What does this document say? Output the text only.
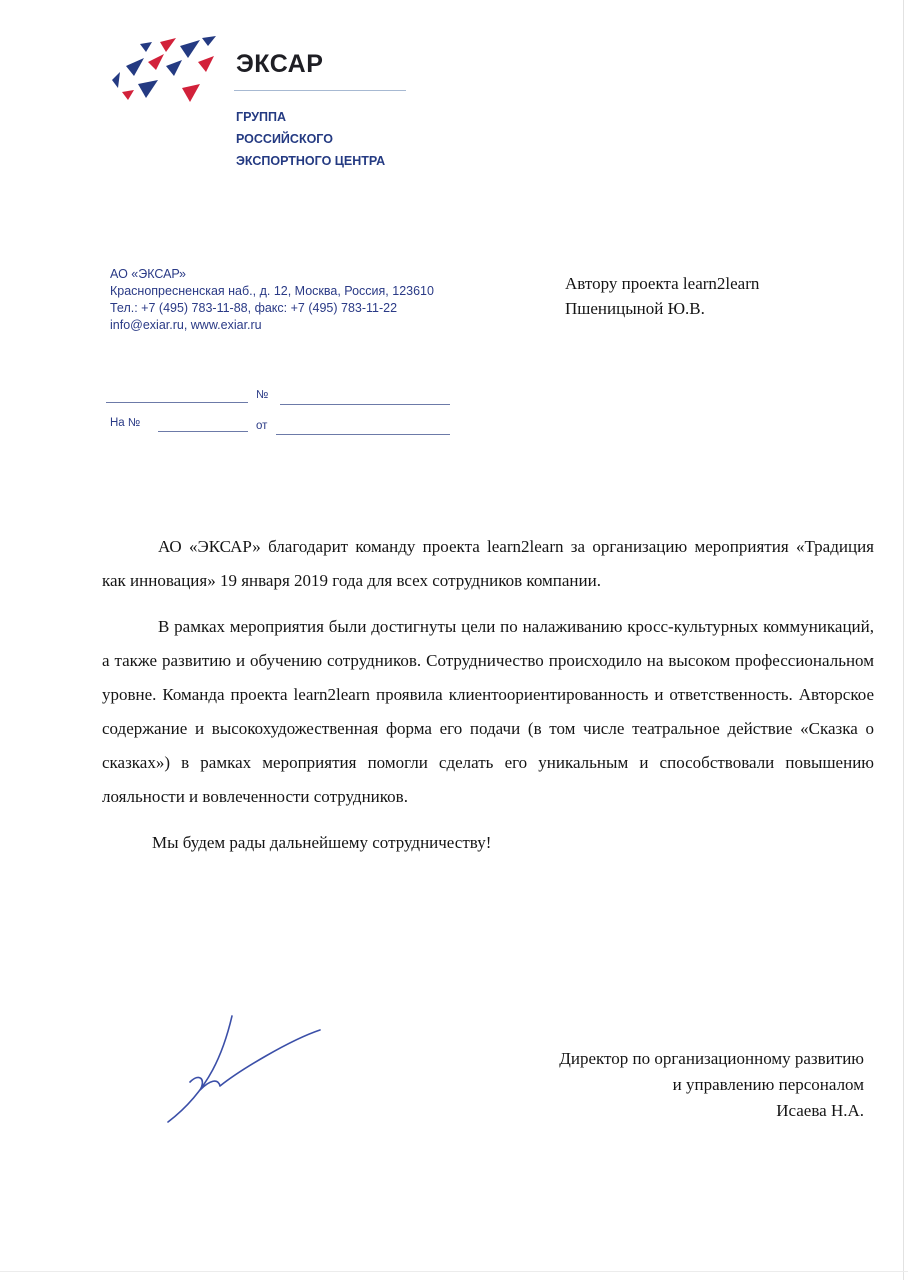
ЭКСАР
ГРУППА
РОССИЙСКОГО
ЭКСПОРТНОГО ЦЕНТРА
АО «ЭКСАР»
Краснопресненская наб., д. 12, Москва, Россия, 123610
Тел.: +7 (495) 783-11-88, факс: +7 (495) 783-11-22
info@exiar.ru, www.exiar.ru
Автору проекта learn2learn
Пшеницыной Ю.В.
№
На №	от

АО «ЭКСАР» благодарит команду проекта learn2learn за организацию мероприятия «Традиция как инновация» 19 января 2019 года для всех сотрудников компании.

В рамках мероприятия были достигнуты цели по налаживанию кросс-культурных коммуникаций, а также развитию и обучению сотрудников. Сотрудничество происходило на высоком профессиональном уровне. Команда проекта learn2learn проявила клиентоориентированность и ответственность. Авторское содержание и высокохудожественная форма его подачи (в том числе театральное действие «Сказка о сказках») в рамках мероприятия помогли сделать его уникальным и способствовали повышению лояльности и вовлеченности сотрудников.

Мы будем рады дальнейшему сотрудничеству!

Директор по организационному развитию
и управлению персоналом
Исаева Н.А.
